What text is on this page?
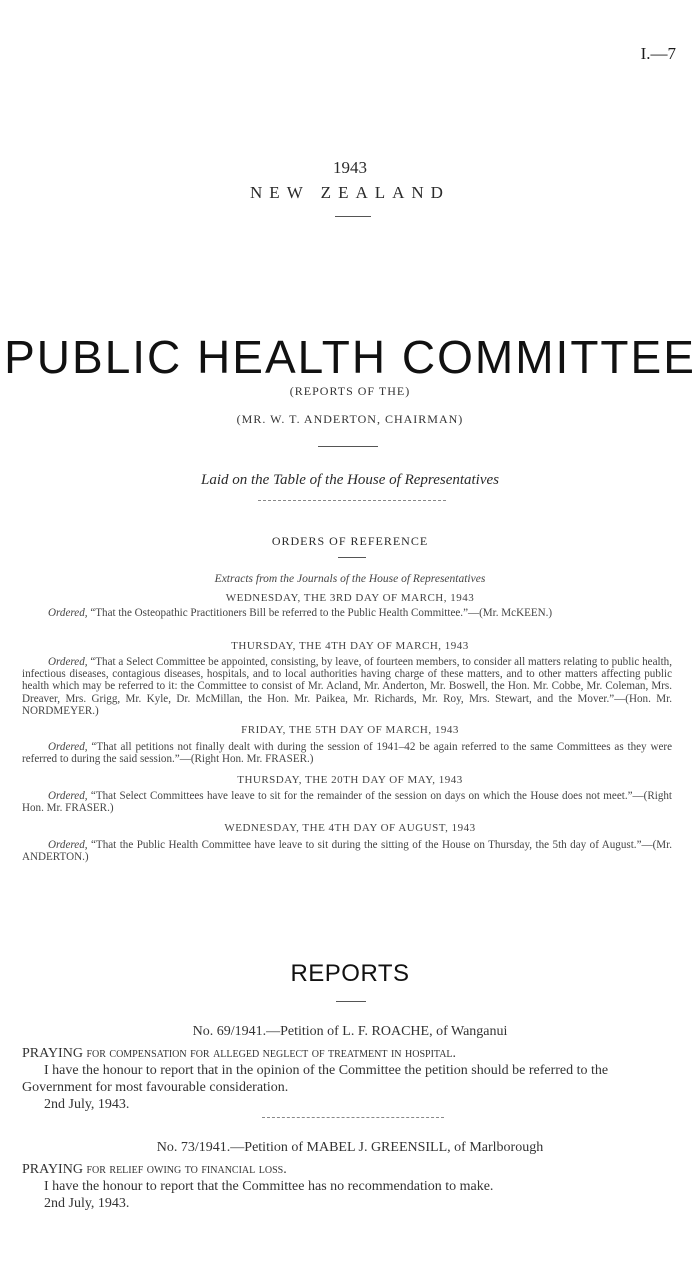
I.—7
1943
NEW ZEALAND
PUBLIC HEALTH COMMITTEE
(REPORTS OF THE)
(MR. W. T. ANDERTON, CHAIRMAN)
Laid on the Table of the House of Representatives
ORDERS OF REFERENCE
Extracts from the Journals of the House of Representatives
WEDNESDAY, THE 3RD DAY OF MARCH, 1943
Ordered, “That the Osteopathic Practitioners Bill be referred to the Public Health Committee.”—(Mr. McKEEN.)
THURSDAY, THE 4TH DAY OF MARCH, 1943
Ordered, “That a Select Committee be appointed, consisting, by leave, of fourteen members, to consider all matters relating to public health, infectious diseases, contagious diseases, hospitals, and to local authorities having charge of these matters, and to other matters affecting public health which may be referred to it: the Committee to consist of Mr. Acland, Mr. Anderton, Mr. Boswell, the Hon. Mr. Cobbe, Mr. Coleman, Mrs. Dreaver, Mrs. Grigg, Mr. Kyle, Dr. McMillan, the Hon. Mr. Paikea, Mr. Richards, Mr. Roy, Mrs. Stewart, and the Mover.”—(Hon. Mr. NORDMEYER.)
FRIDAY, THE 5TH DAY OF MARCH, 1943
Ordered, “That all petitions not finally dealt with during the session of 1941–42 be again referred to the same Committees as they were referred to during the said session.”—(Right Hon. Mr. FRASER.)
THURSDAY, THE 20TH DAY OF MAY, 1943
Ordered, “That Select Committees have leave to sit for the remainder of the session on days on which the House does not meet.”—(Right Hon. Mr. FRASER.)
WEDNESDAY, THE 4TH DAY OF AUGUST, 1943
Ordered, “That the Public Health Committee have leave to sit during the sitting of the House on Thursday, the 5th day of August.”—(Mr. ANDERTON.)
REPORTS
No. 69/1941.—Petition of L. F. ROACHE, of Wanganui
PRAYING for compensation for alleged neglect of treatment in hospital.
I have the honour to report that in the opinion of the Committee the petition should be referred to the Government for most favourable consideration.
2nd July, 1943.
No. 73/1941.—Petition of MABEL J. GREENSILL, of Marlborough
PRAYING for relief owing to financial loss.
I have the honour to report that the Committee has no recommendation to make.
2nd July, 1943.
